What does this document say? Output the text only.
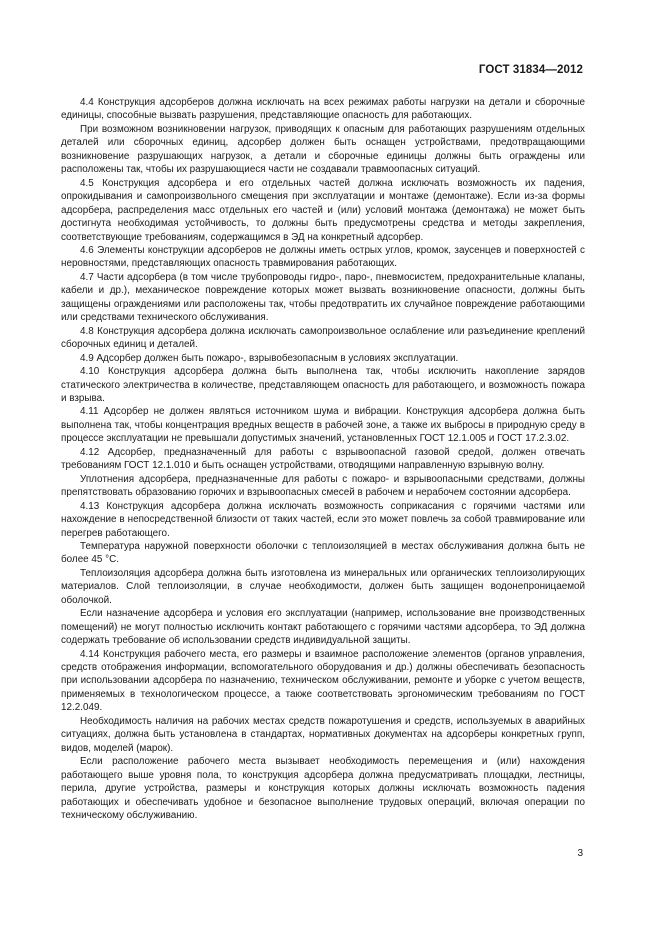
ГОСТ 31834—2012

4.4 Конструкция адсорберов должна исключать на всех режимах работы нагрузки на детали и сборочные единицы, способные вызвать разрушения, представляющие опасность для работающих.

При возможном возникновении нагрузок, приводящих к опасным для работающих разрушениям отдельных деталей или сборочных единиц, адсорбер должен быть оснащен устройствами, предотвращающими возникновение разрушающих нагрузок, а детали и сборочные единицы должны быть ограждены или расположены так, чтобы их разрушающиеся части не создавали травмоопасных ситуаций.

4.5 Конструкция адсорбера и его отдельных частей должна исключать возможность их падения, опрокидывания и самопроизвольного смещения при эксплуатации и монтаже (демонтаже). Если из-за формы адсорбера, распределения масс отдельных его частей и (или) условий монтажа (демонтажа) не может быть достигнута необходимая устойчивость, то должны быть предусмотрены средства и методы закрепления, соответствующие требованиям, содержащимся в ЭД на конкретный адсорбер.

4.6 Элементы конструкции адсорберов не должны иметь острых углов, кромок, заусенцев и поверхностей с неровностями, представляющих опасность травмирования работающих.

4.7 Части адсорбера (в том числе трубопроводы гидро-, паро-, пневмосистем, предохранительные клапаны, кабели и др.), механическое повреждение которых может вызвать возникновение опасности, должны быть защищены ограждениями или расположены так, чтобы предотвратить их случайное повреждение работающими или средствами технического обслуживания.

4.8 Конструкция адсорбера должна исключать самопроизвольное ослабление или разъединение креплений сборочных единиц и деталей.

4.9 Адсорбер должен быть пожаро-, взрывобезопасным в условиях эксплуатации.

4.10 Конструкция адсорбера должна быть выполнена так, чтобы исключить накопление зарядов статического электричества в количестве, представляющем опасность для работающего, и возможность пожара и взрыва.

4.11 Адсорбер не должен являться источником шума и вибрации. Конструкция адсорбера должна быть выполнена так, чтобы концентрация вредных веществ в рабочей зоне, а также их выбросы в природную среду в процессе эксплуатации не превышали допустимых значений, установленных ГОСТ 12.1.005 и ГОСТ 17.2.3.02.

4.12 Адсорбер, предназначенный для работы с взрывоопасной газовой средой, должен отвечать требованиям ГОСТ 12.1.010 и быть оснащен устройствами, отводящими направленную взрывную волну.

Уплотнения адсорбера, предназначенные для работы с пожаро- и взрывоопасными средствами, должны препятствовать образованию горючих и взрывоопасных смесей в рабочем и нерабочем состоянии адсорбера.

4.13 Конструкция адсорбера должна исключать возможность соприкасания с горячими частями или нахождение в непосредственной близости от таких частей, если это может повлечь за собой травмирование или перегрев работающего.

Температура наружной поверхности оболочки с теплоизоляцией в местах обслуживания должна быть не более 45 °С.

Теплоизоляция адсорбера должна быть изготовлена из минеральных или органических теплоизолирующих материалов. Слой теплоизоляции, в случае необходимости, должен быть защищен водонепроницаемой оболочкой.

Если назначение адсорбера и условия его эксплуатации (например, использование вне производственных помещений) не могут полностью исключить контакт работающего с горячими частями адсорбера, то ЭД должна содержать требование об использовании средств индивидуальной защиты.

4.14 Конструкция рабочего места, его размеры и взаимное расположение элементов (органов управления, средств отображения информации, вспомогательного оборудования и др.) должны обеспечивать безопасность при использовании адсорбера по назначению, техническом обслуживании, ремонте и уборке с учетом веществ, применяемых в технологическом процессе, а также соответствовать эргономическим требованиям по ГОСТ 12.2.049.

Необходимость наличия на рабочих местах средств пожаротушения и средств, используемых в аварийных ситуациях, должна быть установлена в стандартах, нормативных документах на адсорберы конкретных групп, видов, моделей (марок).

Если расположение рабочего места вызывает необходимость перемещения и (или) нахождения работающего выше уровня пола, то конструкция адсорбера должна предусматривать площадки, лестницы, перила, другие устройства, размеры и конструкция которых должны исключать возможность падения работающих и обеспечивать удобное и безопасное выполнение трудовых операций, включая операции по техническому обслуживанию.

3
